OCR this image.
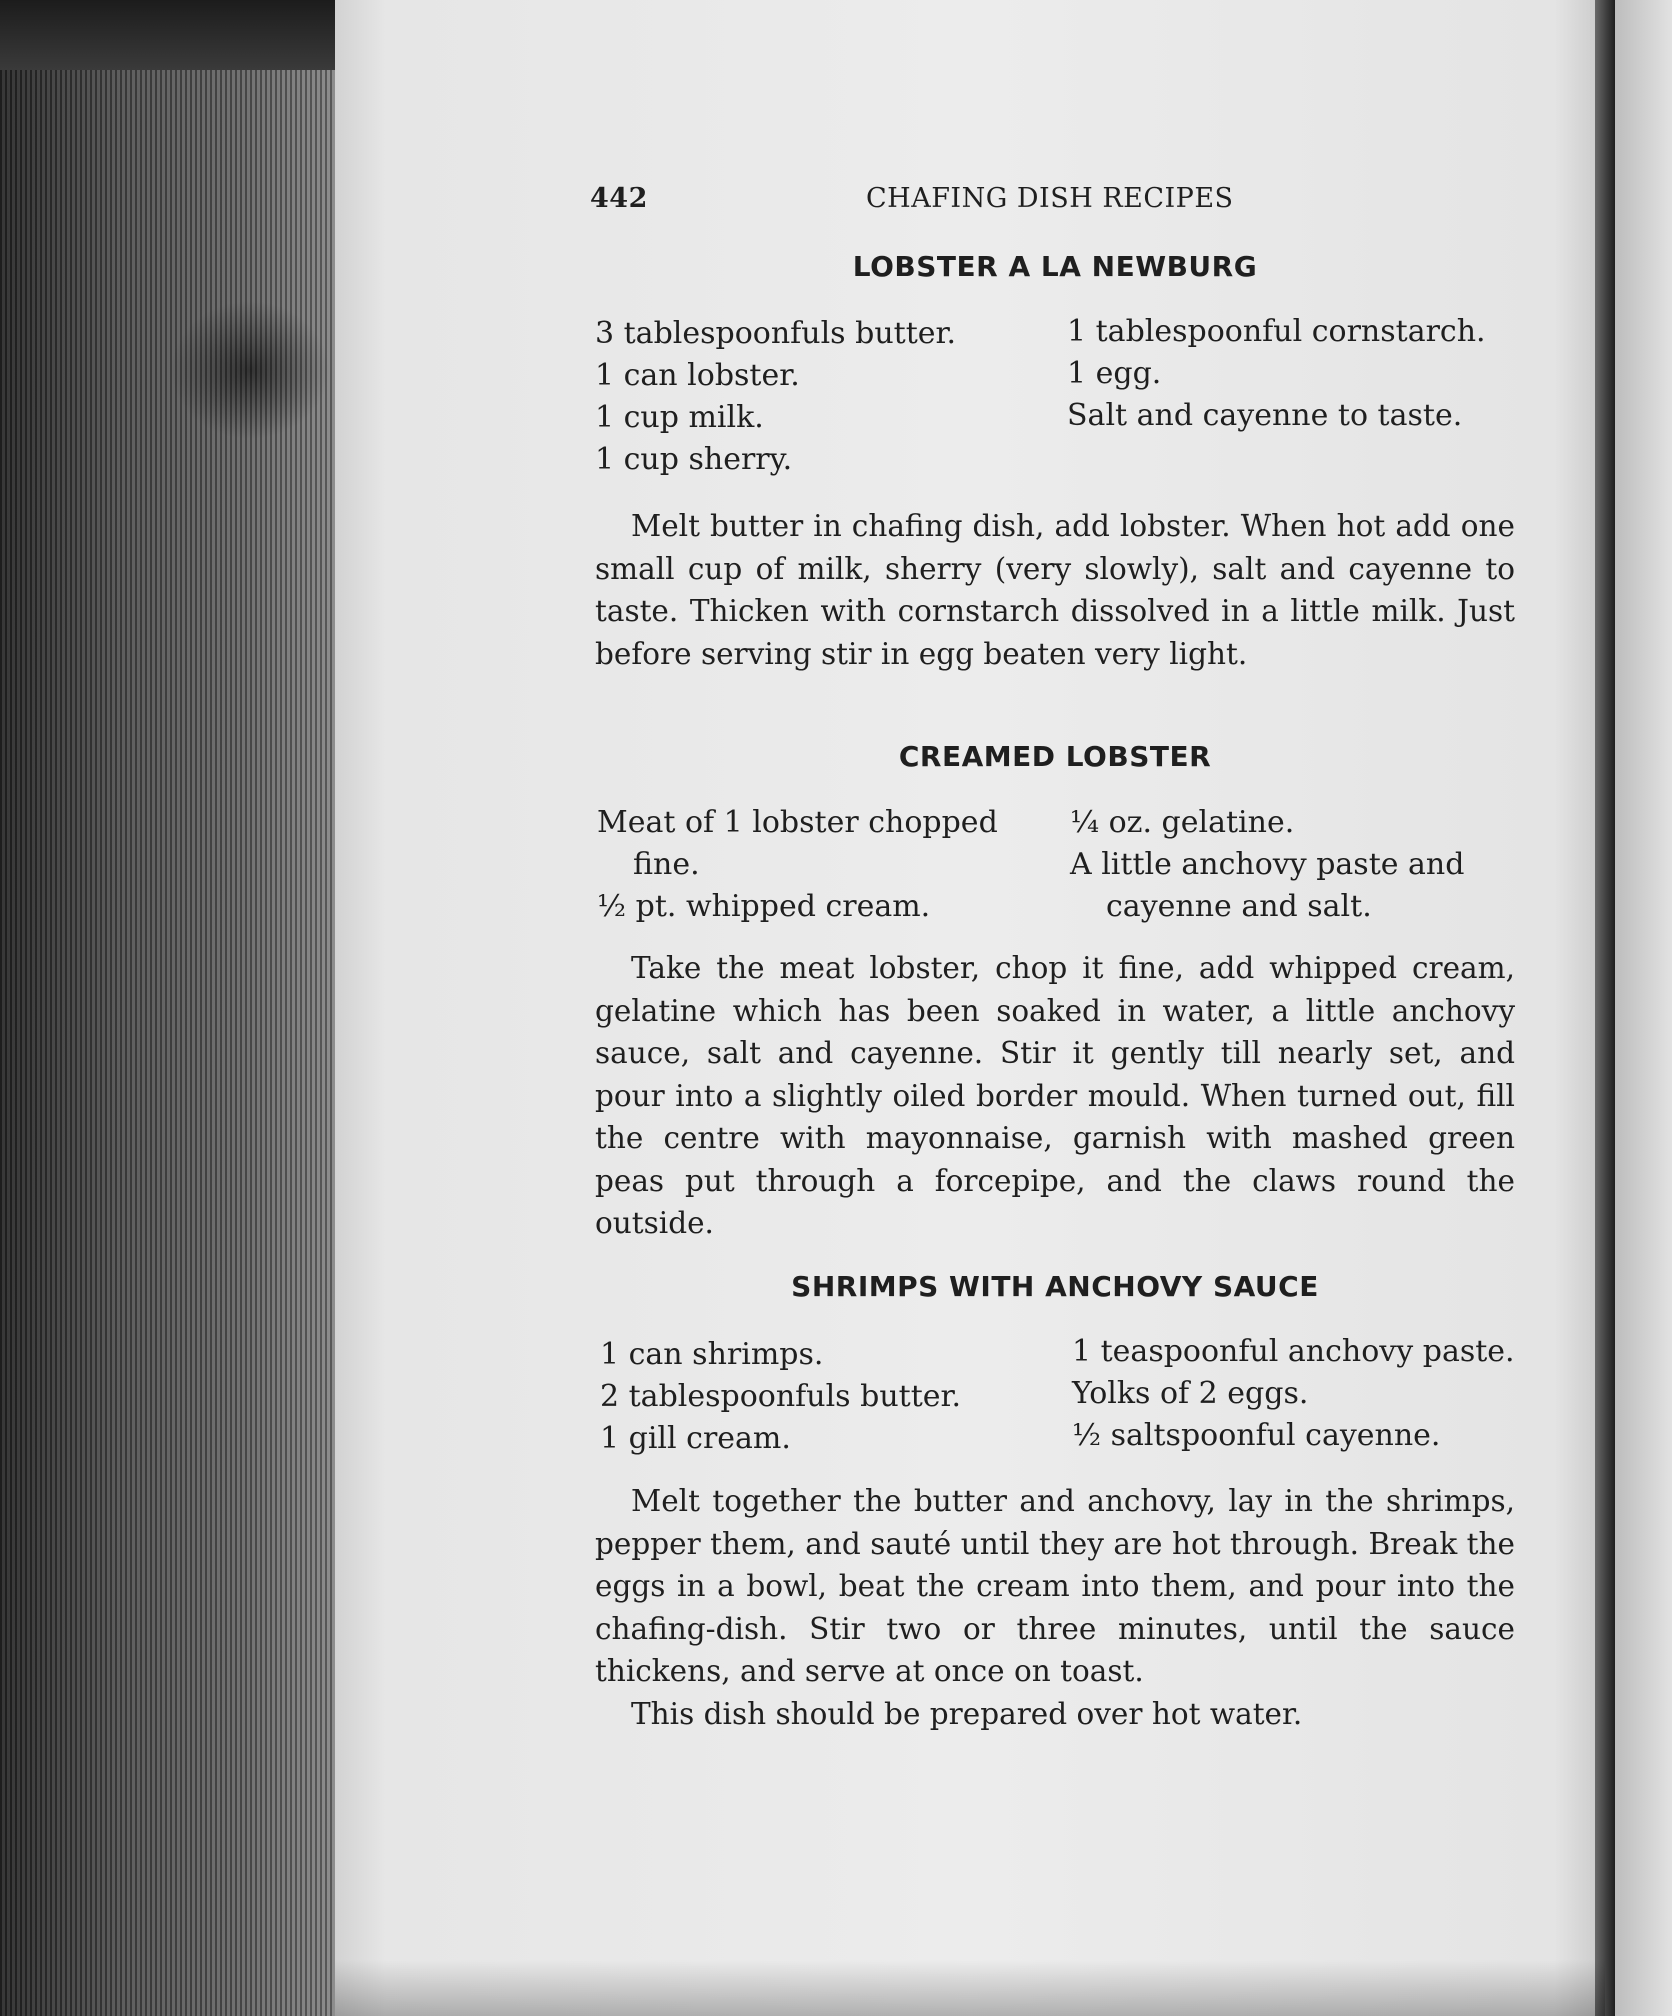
442	CHAFING DISH RECIPES
LOBSTER A LA NEWBURG
3 tablespoonfuls butter.
1 can lobster.
1 cup milk.
1 cup sherry.
1 tablespoonful cornstarch.
1 egg.
Salt and cayenne to taste.

Melt butter in chafing dish, add lobster. When hot add one small cup of milk, sherry (very slowly), salt and cayenne to taste. Thicken with cornstarch dissolved in a little milk. Just before serving stir in egg beaten very light.

CREAMED LOBSTER
Meat of 1 lobster chopped
fine.
½ pt. whipped cream.
¼ oz. gelatine.
A little anchovy paste and
cayenne and salt.

Take the meat lobster, chop it fine, add whipped cream, gelatine which has been soaked in water, a little anchovy sauce, salt and cayenne. Stir it gently till nearly set, and pour into a slightly oiled border mould. When turned out, fill the centre with mayonnaise, garnish with mashed green peas put through a forcepipe, and the claws round the outside.

SHRIMPS WITH ANCHOVY SAUCE
1 can shrimps.
2 tablespoonfuls butter.
1 gill cream.
1 teaspoonful anchovy paste.
Yolks of 2 eggs.
½ saltspoonful cayenne.

Melt together the butter and anchovy, lay in the shrimps, pepper them, and sauté until they are hot through. Break the eggs in a bowl, beat the cream into them, and pour into the chafing-dish. Stir two or three minutes, until the sauce thickens, and serve at once on toast.

This dish should be prepared over hot water.
